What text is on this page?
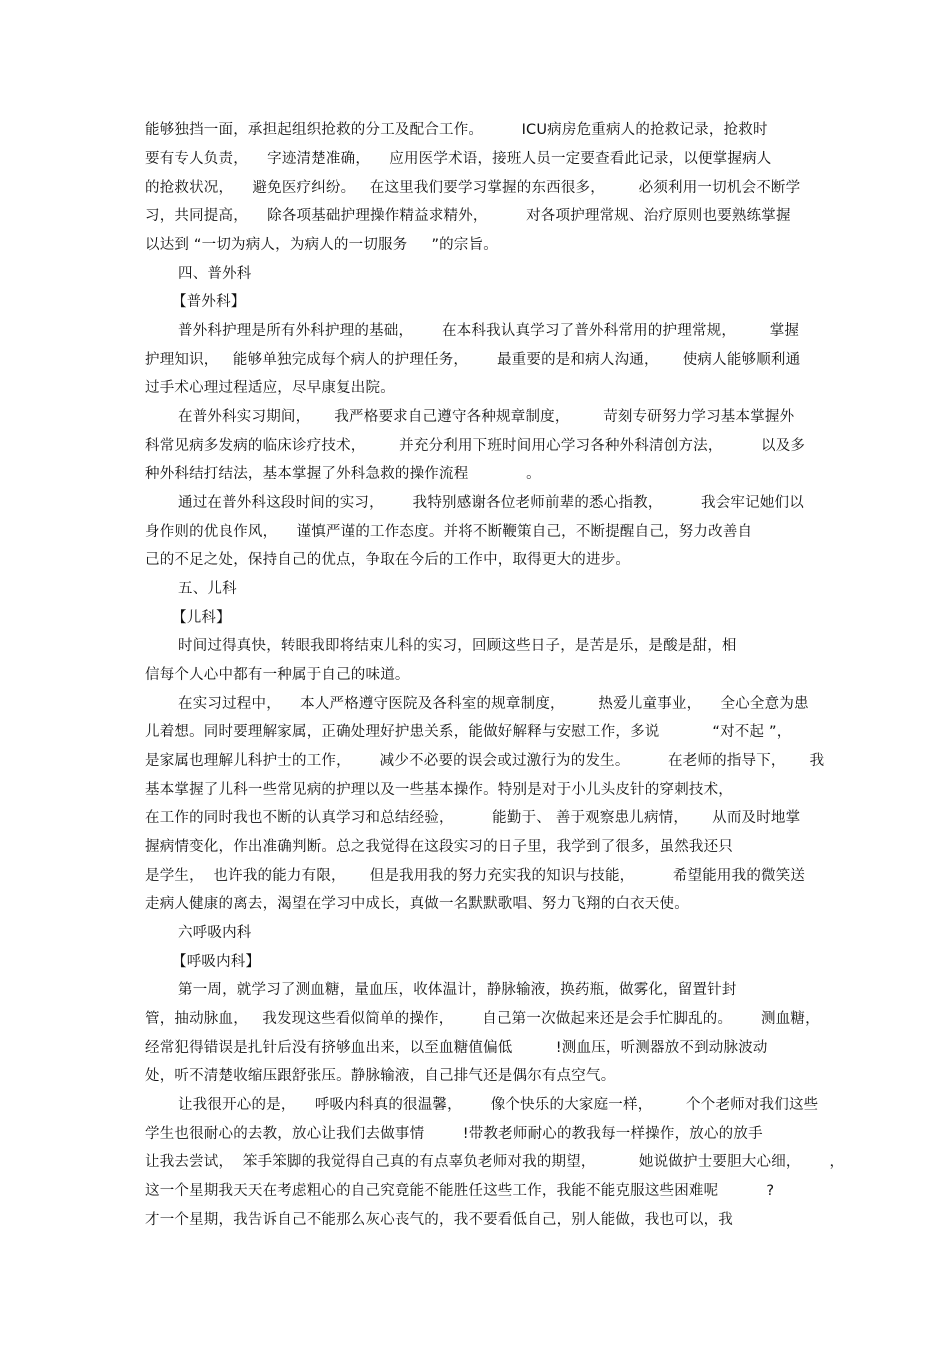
能够独挡一面，承担起组织抢救的分工及配合工作。        ICU病房危重病人的抢救记录，抢救时
要有专人负责，    字迹清楚准确，    应用医学术语，接班人员一定要查看此记录，以便掌握病人
的抢救状况，    避免医疗纠纷。   在这里我们要学习掌握的东西很多，       必须利用一切机会不断学
习，共同提高，    除各项基础护理操作精益求精外，        对各项护理常规、治疗原则也要熟练掌握
以达到 “一切为病人，为病人的一切服务     ”的宗旨。
四、普外科
【普外科】
普外科护理是所有外科护理的基础，      在本科我认真学习了普外科常用的护理常规，       掌握
护理知识，   能够单独完成每个病人的护理任务，      最重要的是和病人沟通，     使病人能够顺利通
过手术心理过程适应，尽早康复出院。
在普外科实习期间，     我严格要求自己遵守各种规章制度，       苛刻专研努力学习基本掌握外
科常见病多发病的临床诊疗技术，       并充分利用下班时间用心学习各种外科清创方法，        以及多
种外科结打结法，基本掌握了外科急救的操作流程            。
通过在普外科这段时间的实习，      我特别感谢各位老师前辈的悉心指教，        我会牢记她们以
身作则的优良作风，    谨慎严谨的工作态度。并将不断鞭策自己，不断提醒自己，努力改善自
己的不足之处，保持自己的优点，争取在今后的工作中，取得更大的进步。
五、儿科
【儿科】
时间过得真快，转眼我即将结束儿科的实习，回顾这些日子，是苦是乐，是酸是甜，相
信每个人心中都有一种属于自己的味道。
在实习过程中，    本人严格遵守医院及各科室的规章制度，       热爱儿童事业，    全心全意为患
儿着想。同时要理解家属，正确处理好护患关系，能做好解释与安慰工作，多说           “对不起 ”，
是家属也理解儿科护士的工作，      减少不必要的误会或过激行为的发生。        在老师的指导下，     我
基本掌握了儿科一些常见病的护理以及一些基本操作。特别是对于小儿头皮针的穿刺技术，
在工作的同时我也不断的认真学习和总结经验，        能勤于、 善于观察患儿病情，     从而及时地掌
握病情变化，作出准确判断。总之我觉得在这段实习的日子里，我学到了很多，虽然我还只
是学生，  也许我的能力有限，     但是我用我的努力充实我的知识与技能，        希望能用我的微笑送
走病人健康的离去，渴望在学习中成长，真做一名默默歌唱、努力飞翔的白衣天使。
六呼吸内科
【呼吸内科】
第一周，就学习了测血糖，量血压，收体温计，静脉输液，换药瓶，做雾化，留置针封
管，抽动脉血，   我发现这些看似简单的操作，      自己第一次做起来还是会手忙脚乱的。      测血糖，
经常犯得错误是扎针后没有挤够血出来，以至血糖值偏低         !测血压，听测器放不到动脉波动
处，听不清楚收缩压跟舒张压。静脉输液，自己排气还是偶尔有点空气。
让我很开心的是，    呼吸内科真的很温馨，      像个快乐的大家庭一样，       个个老师对我们这些
学生也很耐心的去教，放心让我们去做事情        !带教老师耐心的教我每一样操作，放心的放手
让我去尝试，  笨手笨脚的我觉得自己真的有点辜负老师对我的期望，         她说做护士要胆大心细，      ，
这一个星期我天天在考虑粗心的自己究竟能不能胜任这些工作，我能不能克服这些困难呢          ?
才一个星期，我告诉自己不能那么灰心丧气的，我不要看低自己，别人能做，我也可以，我
